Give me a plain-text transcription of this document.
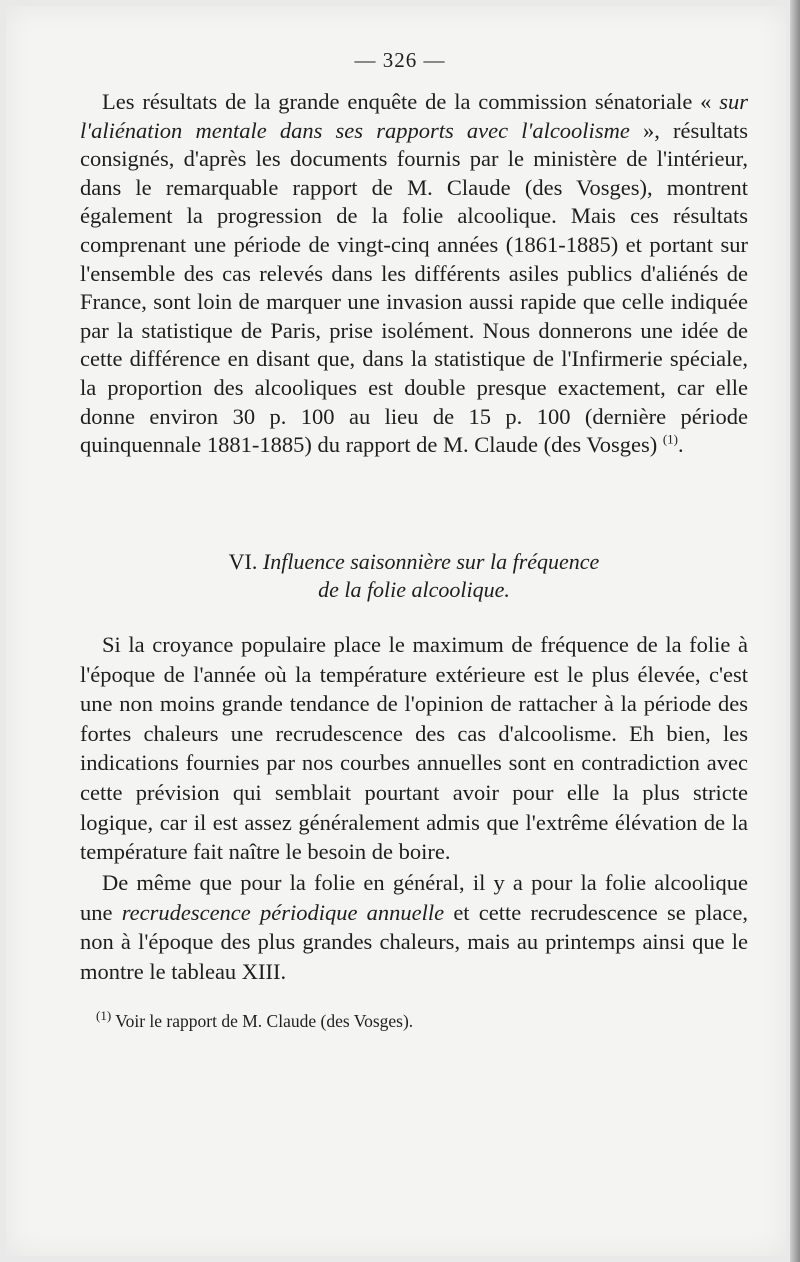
— 326 —

Les résultats de la grande enquête de la commission sénatoriale « sur l'aliénation mentale dans ses rapports avec l'alcoolisme », résultats consignés, d'après les documents fournis par le ministère de l'intérieur, dans le remarquable rapport de M. Claude (des Vosges), montrent également la progression de la folie alcoolique. Mais ces résultats comprenant une période de vingt-cinq années (1861-1885) et portant sur l'ensemble des cas relevés dans les différents asiles publics d'aliénés de France, sont loin de marquer une invasion aussi rapide que celle indiquée par la statistique de Paris, prise isolément. Nous donnerons une idée de cette différence en disant que, dans la statistique de l'Infirmerie spéciale, la proportion des alcooliques est double presque exactement, car elle donne environ 30 p. 100 au lieu de 15 p. 100 (dernière période quinquennale 1881-1885) du rapport de M. Claude (des Vosges) $^{(1)}$.

VI. Influence saisonnière sur la fréquence
de la folie alcoolique.

Si la croyance populaire place le maximum de fréquence de la folie à l'époque de l'année où la température extérieure est le plus élevée, c'est une non moins grande tendance de l'opinion de rattacher à la période des fortes chaleurs une recrudescence des cas d'alcoolisme. Eh bien, les indications fournies par nos courbes annuelles sont en contradiction avec cette prévision qui semblait pourtant avoir pour elle la plus stricte logique, car il est assez généralement admis que l'extrême élévation de la température fait naître le besoin de boire.

De même que pour la folie en général, il y a pour la folie alcoolique une recrudescence périodique annuelle et cette recrudescence se place, non à l'époque des plus grandes chaleurs, mais au printemps ainsi que le montre le tableau XIII.

$^{(1)}$ Voir le rapport de M. Claude (des Vosges).
